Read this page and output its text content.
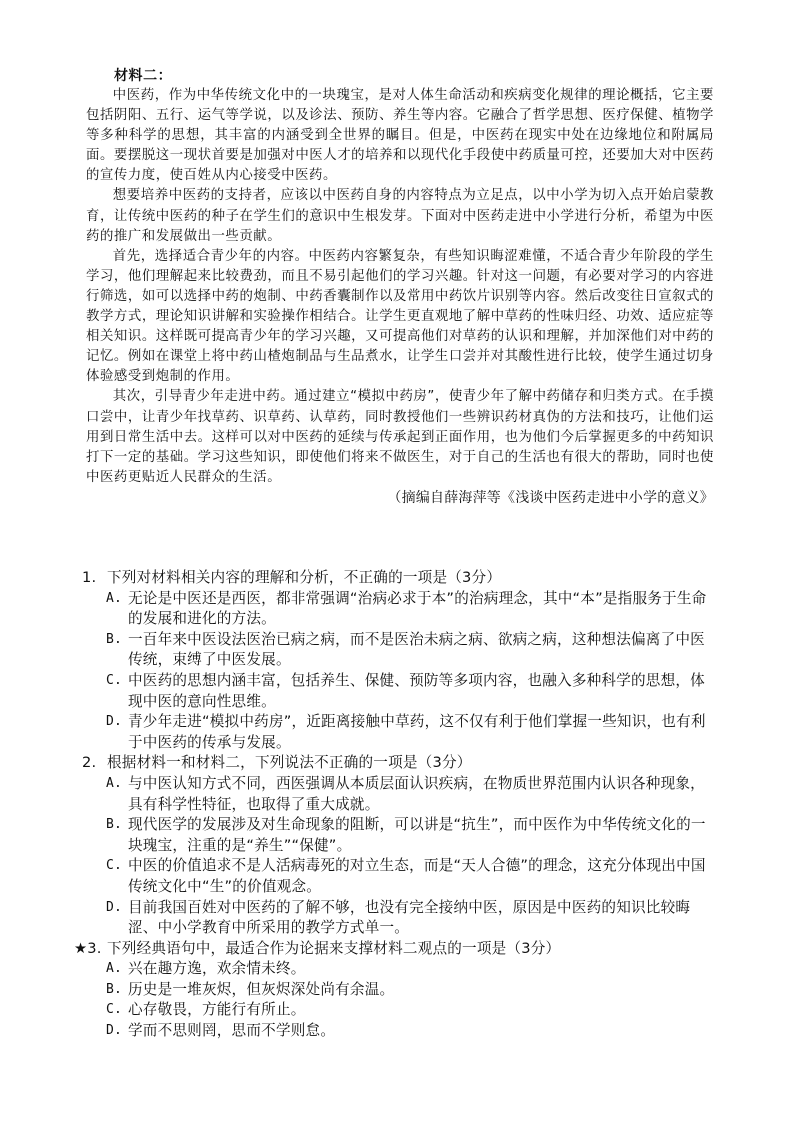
材料二：

中医药，作为中华传统文化中的一块瑰宝，是对人体生命活动和疾病变化规律的理论概括，它主要包括阴阳、五行、运气等学说，以及诊法、预防、养生等内容。它融合了哲学思想、医疗保健、植物学等多种科学的思想，其丰富的内涵受到全世界的瞩目。但是，中医药在现实中处在边缘地位和附属局面。要摆脱这一现状首要是加强对中医人才的培养和以现代化手段使中药质量可控，还要加大对中医药的宣传力度，使百姓从内心接受中医药。

想要培养中医药的支持者，应该以中医药自身的内容特点为立足点，以中小学为切入点开始启蒙教育，让传统中医药的种子在学生们的意识中生根发芽。下面对中医药走进中小学进行分析，希望为中医药的推广和发展做出一些贡献。

首先，选择适合青少年的内容。中医药内容繁复杂，有些知识晦涩难懂，不适合青少年阶段的学生学习，他们理解起来比较费劲，而且不易引起他们的学习兴趣。针对这一问题，有必要对学习的内容进行筛选，如可以选择中药的炮制、中药香囊制作以及常用中药饮片识别等内容。然后改变往日宣叙式的教学方式，理论知识讲解和实验操作相结合。让学生更直观地了解中草药的性味归经、功效、适应症等相关知识。这样既可提高青少年的学习兴趣，又可提高他们对草药的认识和理解，并加深他们对中药的记忆。例如在课堂上将中药山楂炮制品与生品煮水，让学生口尝并对其酸性进行比较，使学生通过切身体验感受到炮制的作用。

其次，引导青少年走进中药。通过建立“模拟中药房”，使青少年了解中药储存和归类方式。在手摸口尝中，让青少年找草药、识草药、认草药，同时教授他们一些辨识药材真伪的方法和技巧，让他们运用到日常生活中去。这样可以对中医药的延续与传承起到正面作用，也为他们今后掌握更多的中药知识打下一定的基础。学习这些知识，即使他们将来不做医生，对于自己的生活也有很大的帮助，同时也使中医药更贴近人民群众的生活。

（摘编自薛海萍等《浅谈中医药走进中小学的意义》
1. 下列对材料相关内容的理解和分析，不正确的一项是（3分）
A. 无论是中医还是西医，都非常强调“治病必求于本”的治病理念，其中“本”是指服务于生命的发展和进化的方法。
B. 一百年来中医设法医治已病之病，而不是医治未病之病、欲病之病，这种想法偏离了中医传统，束缚了中医发展。
C. 中医药的思想内涵丰富，包括养生、保健、预防等多项内容，也融入多种科学的思想，体现中医的意向性思维。
D. 青少年走进“模拟中药房”，近距离接触中草药，这不仅有利于他们掌握一些知识，也有利于中医药的传承与发展。
2. 根据材料一和材料二，下列说法不正确的一项是（3分）
A. 与中医认知方式不同，西医强调从本质层面认识疾病，在物质世界范围内认识各种现象，具有科学性特征，也取得了重大成就。
B. 现代医学的发展涉及对生命现象的阻断，可以讲是“抗生”，而中医作为中华传统文化的一块瑰宝，注重的是“养生”“保健”。
C. 中医的价值追求不是人活病毒死的对立生态，而是“天人合德”的理念，这充分体现出中国传统文化中“生”的价值观念。
D. 目前我国百姓对中医药的了解不够，也没有完全接纳中医，原因是中医药的知识比较晦涩、中小学教育中所采用的教学方式单一。
★3. 下列经典语句中，最适合作为论据来支撑材料二观点的一项是（3分）
A. 兴在趣方逸，欢余情未终。
B. 历史是一堆灰烬，但灰烬深处尚有余温。
C. 心存敬畏，方能行有所止。
D. 学而不思则罔，思而不学则怠。
